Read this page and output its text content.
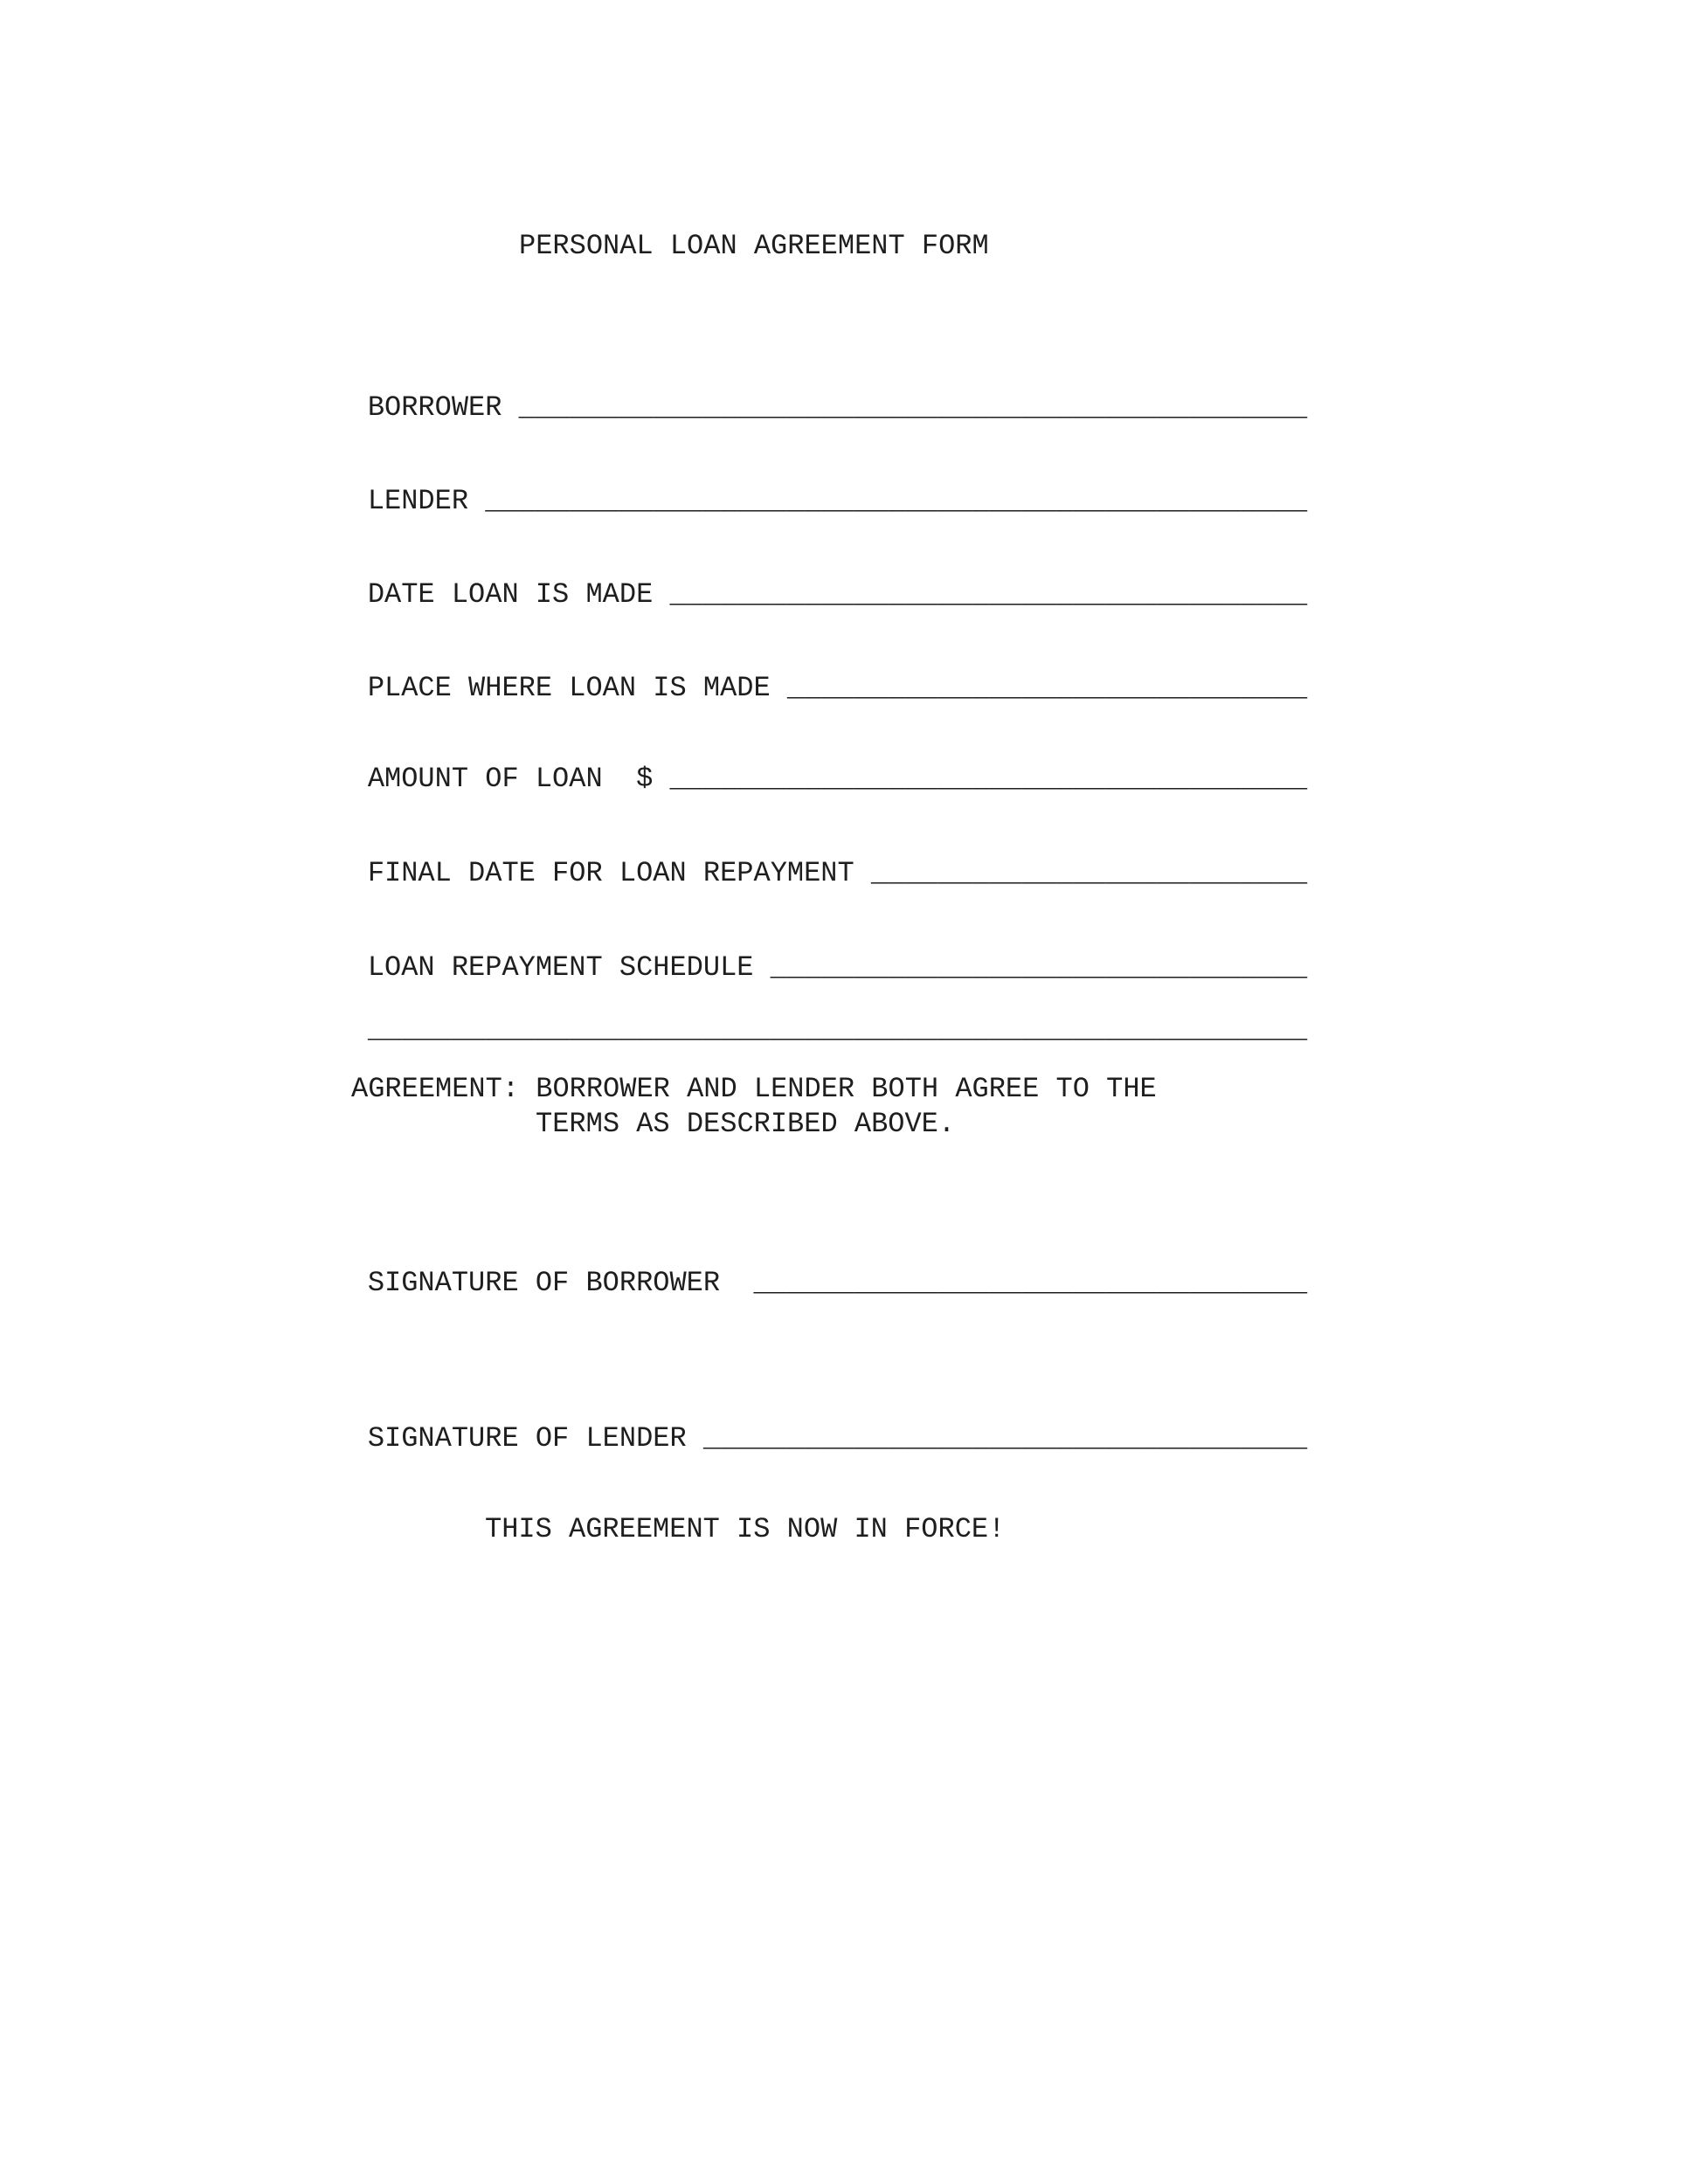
PERSONAL LOAN AGREEMENT FORM

BORROWER _______________________________________________

LENDER _________________________________________________

DATE LOAN IS MADE ______________________________________

PLACE WHERE LOAN IS MADE _______________________________

AMOUNT OF LOAN  $ ______________________________________

FINAL DATE FOR LOAN REPAYMENT __________________________

LOAN REPAYMENT SCHEDULE ________________________________

________________________________________________________

AGREEMENT: BORROWER AND LENDER BOTH AGREE TO THE
TERMS AS DESCRIBED ABOVE.

SIGNATURE OF BORROWER _________________________________

SIGNATURE OF LENDER ____________________________________

THIS AGREEMENT IS NOW IN FORCE!
